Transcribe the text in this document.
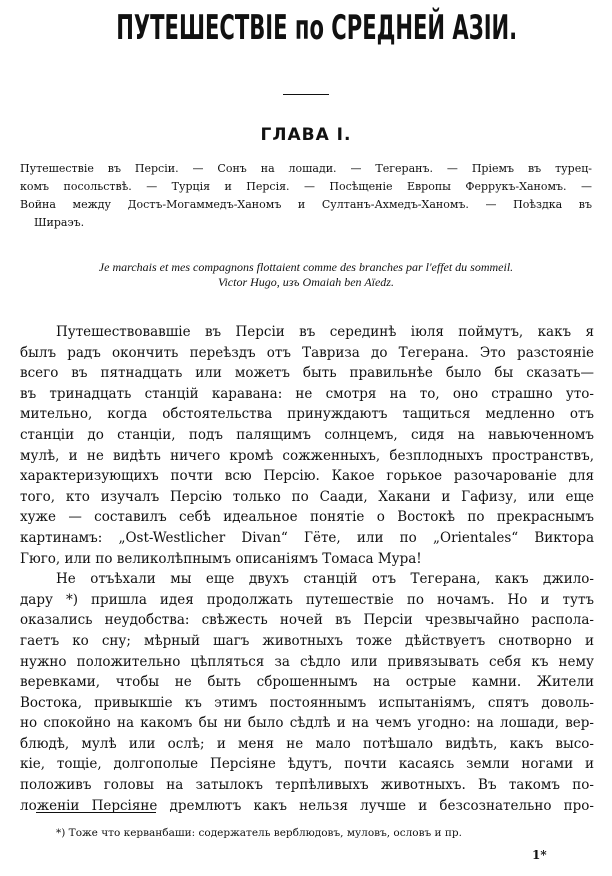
ПУТЕШЕСТВІЕ по СРЕДНЕЙ АЗІИ.
ГЛАВА I.
Путешествіе въ Персіи. — Сонъ на лошади. — Тегеранъ. — Пріемъ въ турец-
комъ посольствѣ. — Турція и Персія. — Посѣщеніе Европы Феррукъ-Ханомъ. —
Война между Достъ-Могаммедъ-Ханомъ и Султанъ-Ахмедъ-Ханомъ. — Поѣздка въ
Шираэъ.
Je marchais et mes compagnons flottaient comme des branches par l'effet du sommeil.
Victor Hugo, изъ Omaiah ben Aïedz.
Путешествовавшіе въ Персіи въ серединѣ іюля поймутъ, какъ я
былъ радъ окончить переѣздъ отъ Тавриза до Тегерана. Это разстояніе
всего въ пятнадцать или можетъ быть правильнѣе было бы сказать—
въ тринадцать станцій каравана: не смотря на то, оно страшно уто-
мительно, когда обстоятельства принуждаютъ тащиться медленно отъ
станціи до станціи, подъ палящимъ солнцемъ, сидя на навьюченномъ
мулѣ, и не видѣть ничего кромѣ сожженныхъ, безплодныхъ пространствъ,
характеризующихъ почти всю Персію. Какое горькое разочарованіе для
того, кто изучалъ Персію только по Саади, Хакани и Гафизу, или еще
хуже — составилъ себѣ идеальное понятіе о Востокѣ по прекраснымъ
картинамъ: „Ost-Westlicher Divan“ Гёте, или по „Orientales“ Виктора
Гюго, или по великолѣпнымъ описаніямъ Томаса Мура!
Не отъѣхали мы еще двухъ станцій отъ Тегерана, какъ джило-
дару *) пришла идея продолжать путешествіе по ночамъ. Но и тутъ
оказались неудобства: свѣжесть ночей въ Персіи чрезвычайно распола-
гаетъ ко сну; мѣрный шагъ животныхъ тоже дѣйствуетъ снотворно и
нужно положительно цѣпляться за сѣдло или привязывать себя къ нему
веревками, чтобы не быть сброшеннымъ на острые камни. Жители
Востока, привыкшіе къ этимъ постояннымъ испытаніямъ, спятъ доволь-
но спокойно на какомъ бы ни было сѣдлѣ и на чемъ угодно: на лошади, вер-
блюдѣ, мулѣ или ослѣ; и меня не мало потѣшало видѣть, какъ высо-
кіе, тощіе, долгополые Персіяне ѣдутъ, почти касаясь земли ногами и
положивъ головы на затылокъ терпѣливыхъ животныхъ. Въ такомъ по-
ложеніи Персіяне дремлютъ какъ нельзя лучше и безсознательно про-
*) Тоже что керванбаши: содержатель верблюдовъ, муловъ, ословъ и пр.
1*
